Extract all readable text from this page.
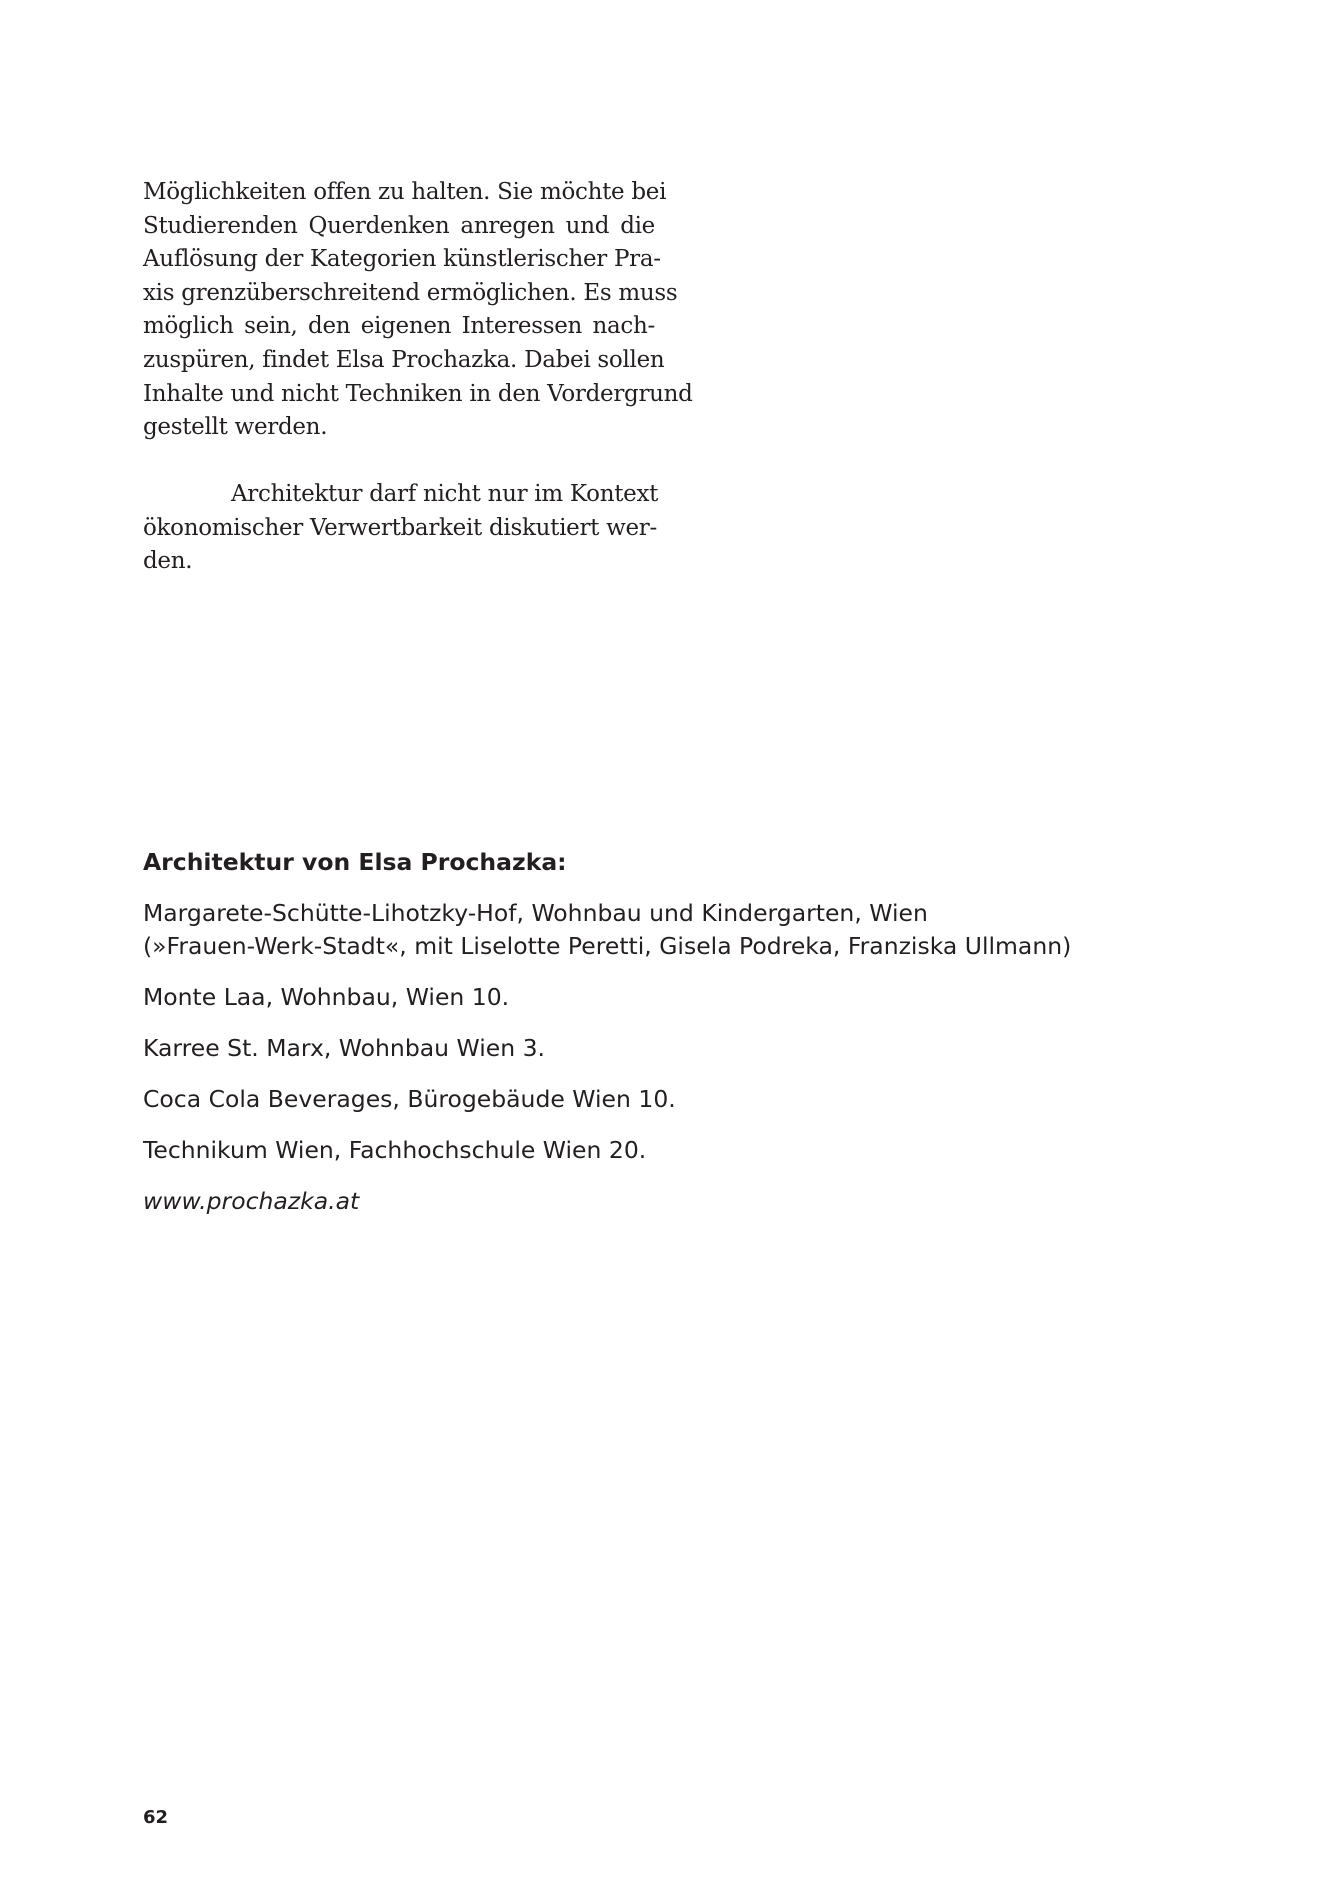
Möglichkeiten offen zu halten. Sie möchte bei
Studierenden Querdenken anregen und die
Auflösung der Kategorien künstlerischer Pra-
xis grenzüberschreitend ermöglichen. Es muss
möglich sein, den eigenen Interessen nach-
zuspüren, findet Elsa Prochazka. Dabei sollen
Inhalte und nicht Techniken in den Vordergrund
gestellt werden.
Architektur darf nicht nur im Kontext
ökonomischer Verwertbarkeit diskutiert wer-
den.

Architektur von Elsa Prochazka:

Margarete-Schütte-Lihotzky-Hof, Wohnbau und Kindergarten, Wien
(»Frauen-Werk-Stadt«, mit Liselotte Peretti, Gisela Podreka, Franziska Ullmann)

Monte Laa, Wohnbau, Wien 10.

Karree St. Marx, Wohnbau Wien 3.

Coca Cola Beverages, Bürogebäude Wien 10.

Technikum Wien, Fachhochschule Wien 20.

www.prochazka.at

62
